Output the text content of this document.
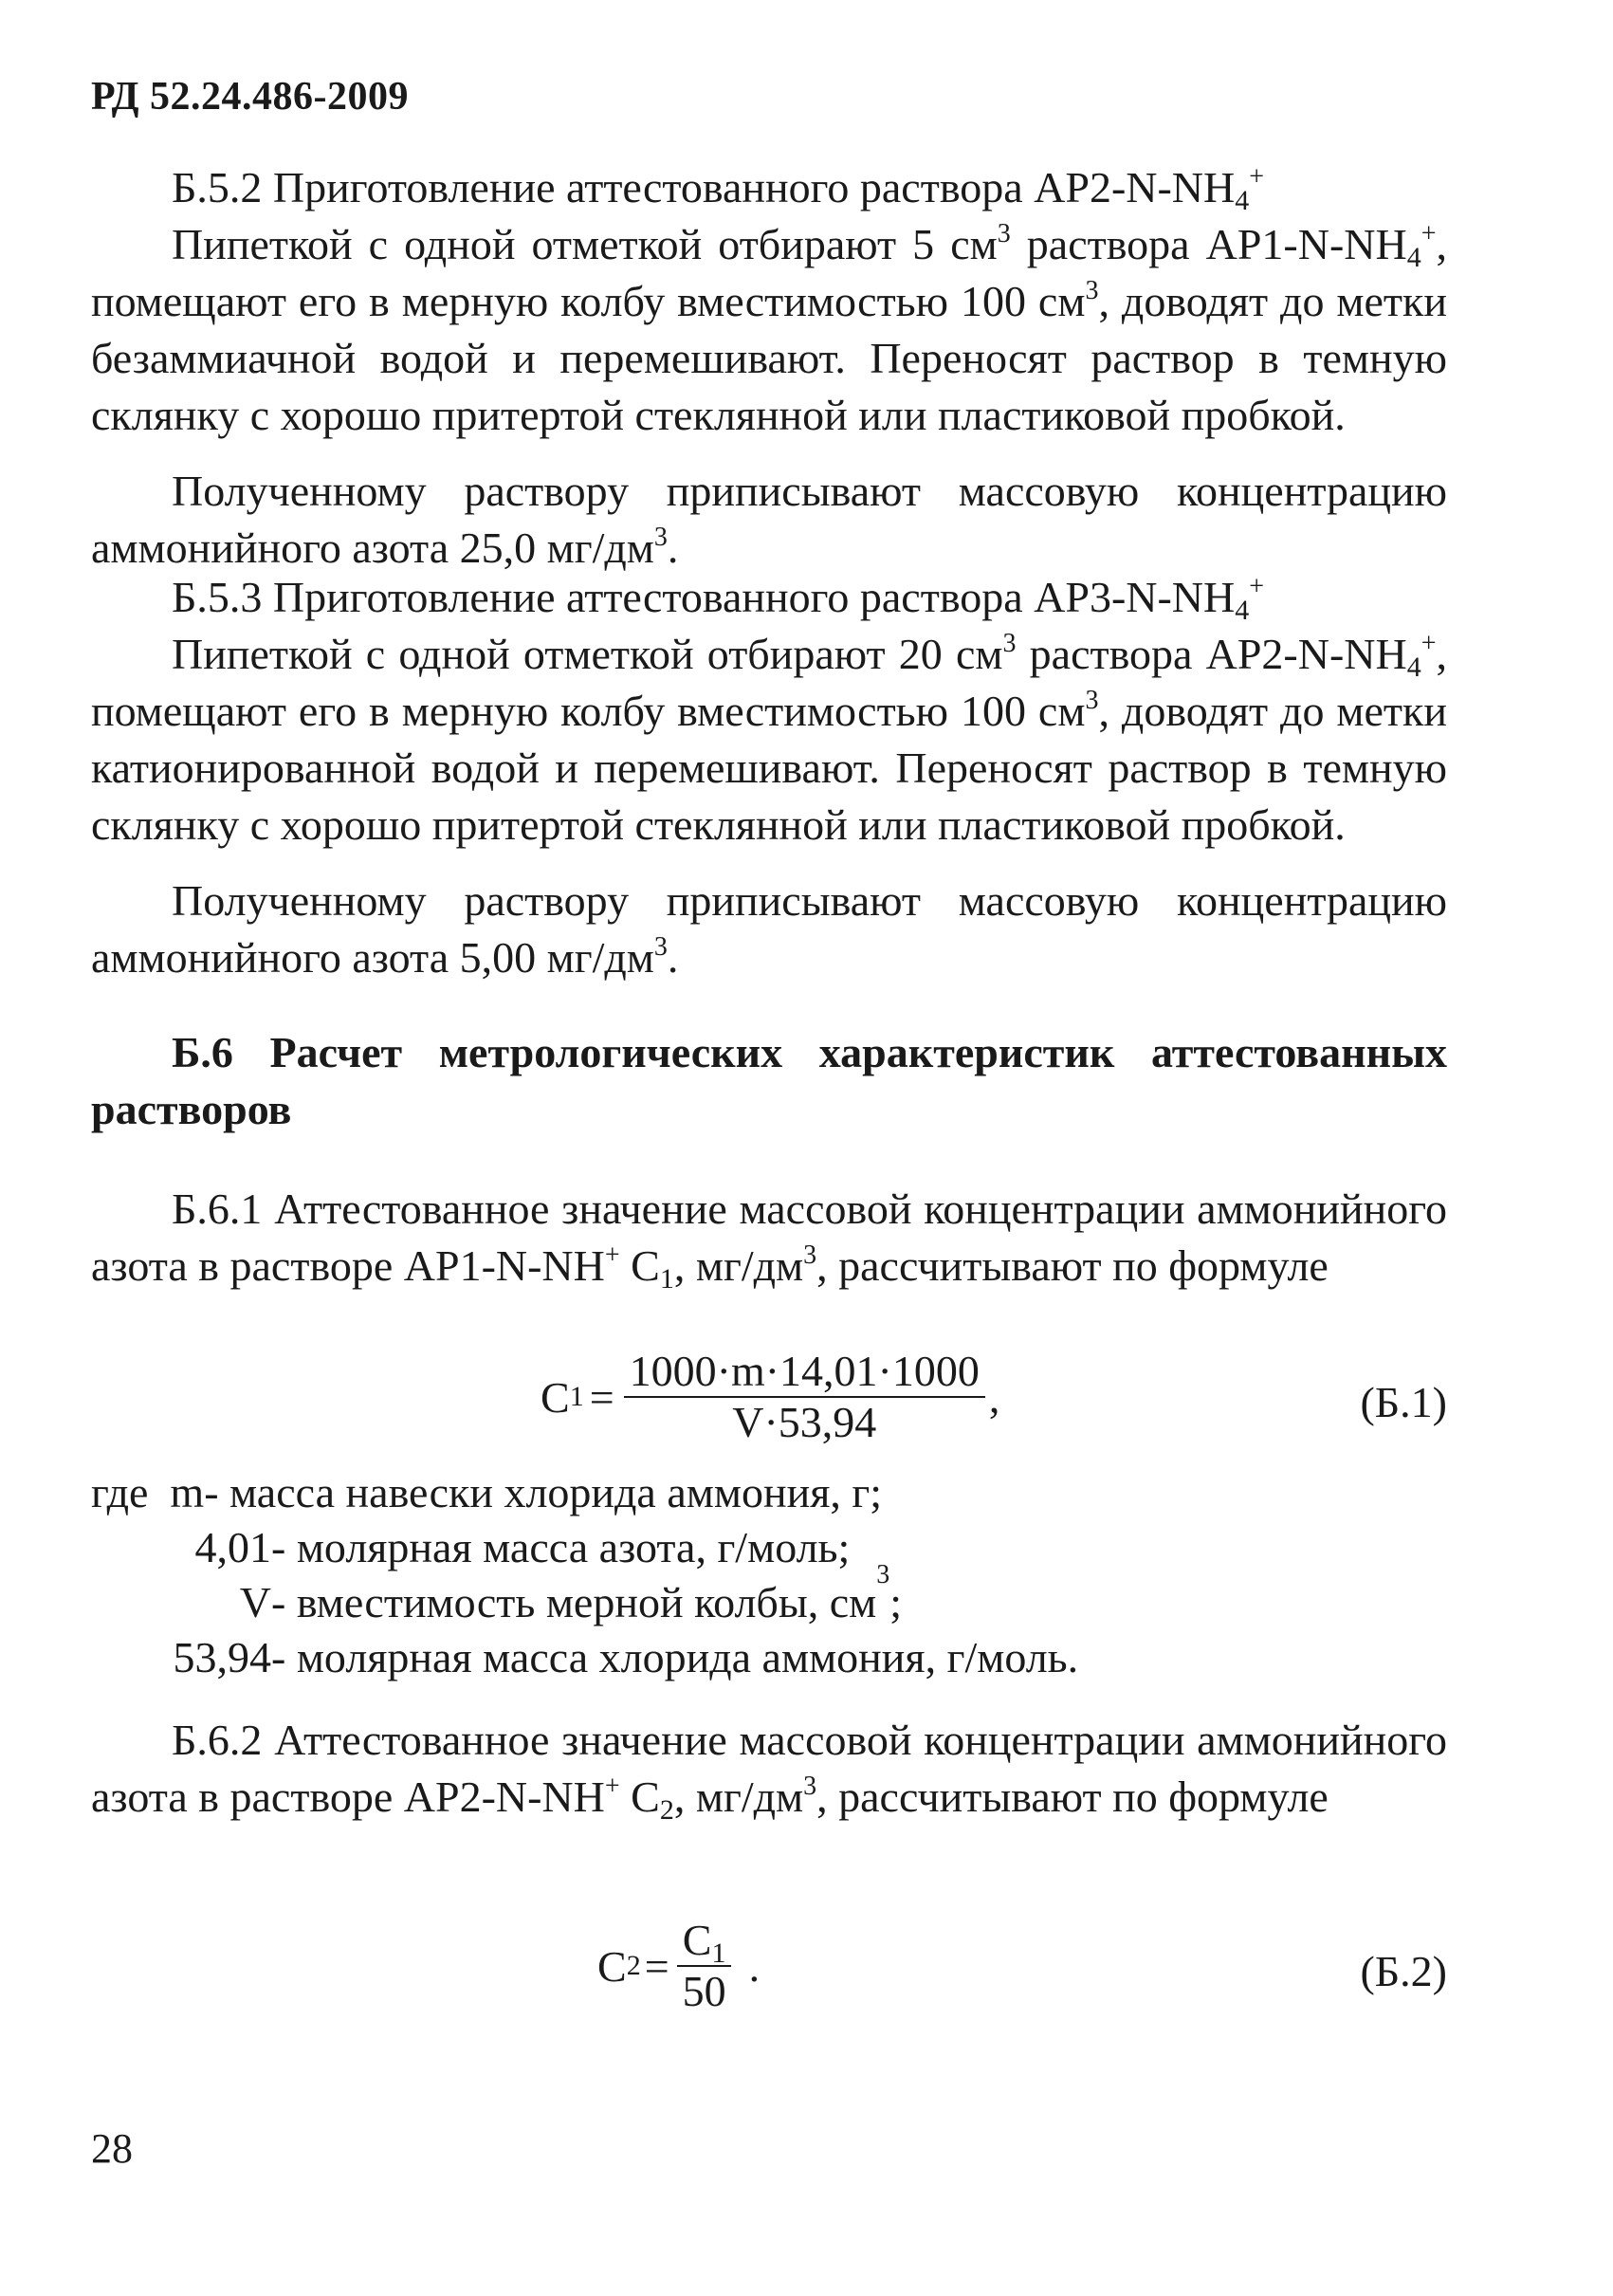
РД 52.24.486-2009
Б.5.2 Приготовление аттестованного раствора $АР2-N-NH_4^+$
Пипеткой с одной отметкой отбирают 5 $см^3$ раствора $АР1-N-NH_4^+$, помещают его в мерную колбу вместимостью 100 $см^3$, доводят до метки безаммиачной водой и перемешивают. Переносят раствор в темную склянку с хорошо притертой стеклянной или пластиковой пробкой.
Полученному раствору приписывают массовую концентрацию аммонийного азота 25,0 $мг/дм^3$.
Б.5.3 Приготовление аттестованного раствора $АР3-N-NH_4^+$
Пипеткой с одной отметкой отбирают 20 $см^3$ раствора $АР2-N-NH_4^+$, помещают его в мерную колбу вместимостью 100 $см^3$, доводят до метки катионированной водой и перемешивают. Переносят раствор в темную склянку с хорошо притертой стеклянной или пластиковой пробкой.
Полученному раствору приписывают массовую концентрацию аммонийного азота 5,00 $мг/дм^3$.
Б.6 Расчет метрологических характеристик аттестованных растворов
Б.6.1 Аттестованное значение массовой концентрации аммонийного азота в растворе АР1-N-NH+ $С_1$, $мг/дм^3$, рассчитывают по формуле
C $1 = \frac{1000\cdot m\cdot 14,01\cdot 1000}{V\cdot 53,94}$ ,	(Б.1)
где
m - масса навески хлорида аммония, г;
4,01 - молярная масса азота, г/моль;
V - вместимость мерной колбы, см
3
;
53,94 - молярная масса хлорида аммония, г/моль.
Б.6.2 Аттестованное значение массовой концентрации аммонийного азота в растворе АР2-N-NH+ $С_2$, $мг/дм^3$, рассчитывают по формуле
C $2 = \frac{C_1}{50}$ .	(Б.2)
28
